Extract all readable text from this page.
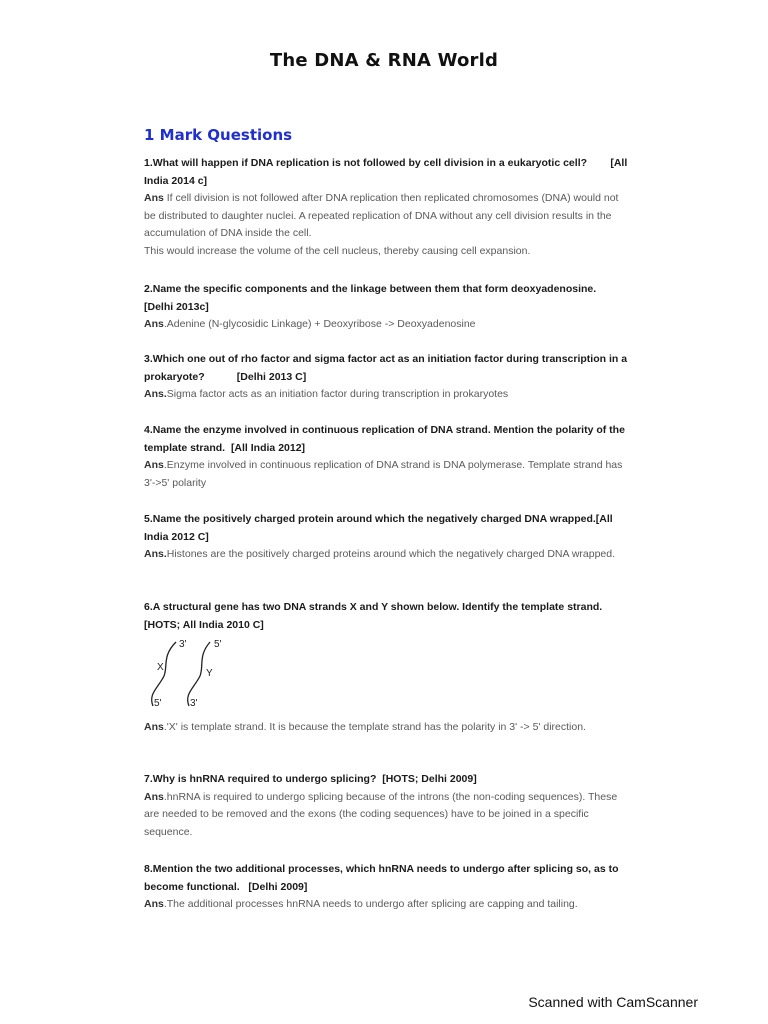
The DNA & RNA World
1 Mark Questions
1.What will happen if DNA replication is not followed by cell division in a eukaryotic cell?        [All India 2014 c]
Ans If cell division is not followed after DNA replication then replicated chromosomes (DNA) would not be distributed to daughter nuclei. A repeated replication of DNA without any cell division results in the accumulation of DNA inside the cell.
This would increase the volume of the cell nucleus, thereby causing cell expansion.
2.Name the specific components and the linkage between them that form deoxyadenosine.     [Delhi 2013c]
Ans.Adenine (N-glycosidic Linkage) + Deoxyribose -> Deoxyadenosine
3.Which one out of rho factor and sigma factor act as an initiation factor during transcription in a prokaryote?           [Delhi 2013 C]
Ans.Sigma factor acts as an initiation factor during transcription in prokaryotes
4.Name the enzyme involved in continuous replication of DNA strand. Mention the polarity of the template strand.  [All India 2012]
Ans.Enzyme involved in continuous replication of DNA strand is DNA polymerase. Template strand has 3'->5' polarity
5.Name the positively charged protein around which the negatively charged DNA wrapped.[All India 2012 C]
Ans.Histones are the positively charged proteins around which the negatively charged DNA wrapped.
6.A structural gene has two DNA strands X and Y shown below. Identify the template strand. [HOTS; All India 2010 C]
3'
X
5'
5'
Y
3'
Ans.'X' is template strand. It is because the template strand has the polarity in 3' -> 5' direction.
7.Why is hnRNA required to undergo splicing?  [HOTS; Delhi 2009]
Ans.hnRNA is required to undergo splicing because of the introns (the non-coding sequences). These are needed to be removed and the exons (the coding sequences) have to be joined in a specific sequence.
8.Mention the two additional processes, which hnRNA needs to undergo after splicing so, as to become functional.   [Delhi 2009]
Ans.The additional processes hnRNA needs to undergo after splicing are capping and tailing.
Scanned with CamScanner
